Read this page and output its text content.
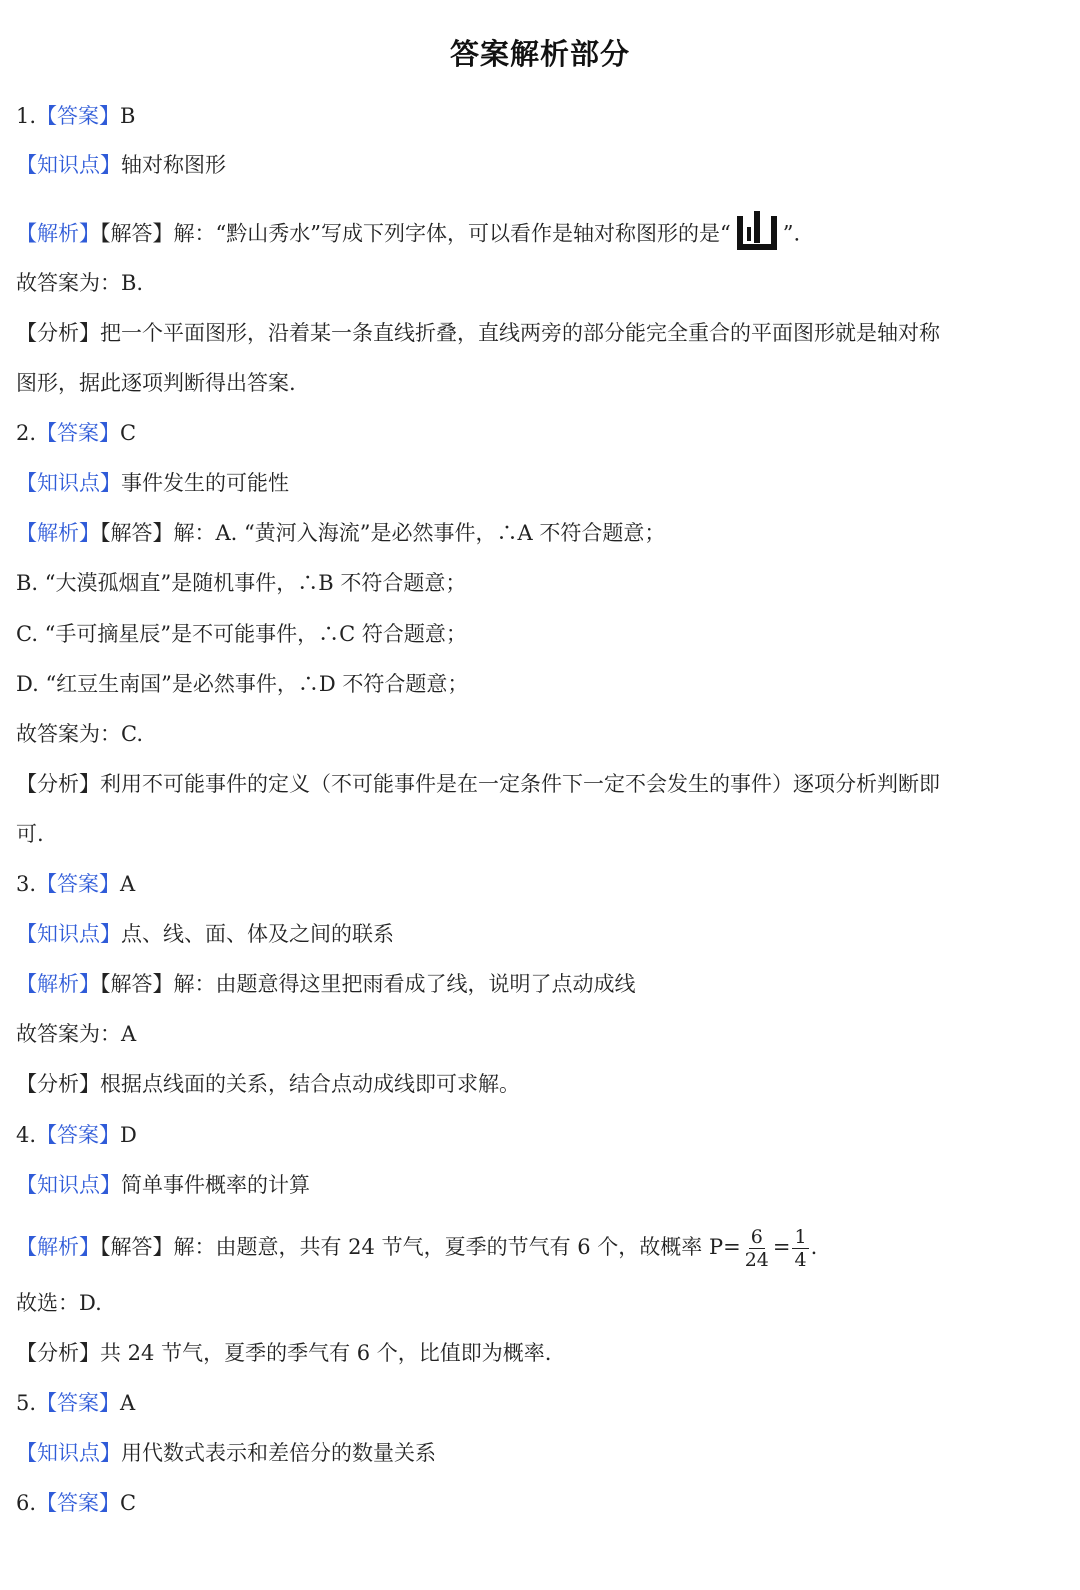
答案解析部分
1.【答案】B
【知识点】轴对称图形
【解析】【解答】解：“黔山秀水”写成下列字体，可以看作是轴对称图形的是“ ”.
故答案为：B.
【分析】把一个平面图形，沿着某一条直线折叠，直线两旁的部分能完全重合的平面图形就是轴对称
图形，据此逐项判断得出答案.
2.【答案】C
【知识点】事件发生的可能性
【解析】【解答】解：A. “黄河入海流”是必然事件，∴A 不符合题意；
B. “大漠孤烟直”是随机事件，∴B 不符合题意；
C. “手可摘星辰”是不可能事件，∴C 符合题意；
D. “红豆生南国”是必然事件，∴D 不符合题意；
故答案为：C.
【分析】利用不可能事件的定义（不可能事件是在一定条件下一定不会发生的事件）逐项分析判断即
可.
3.【答案】A
【知识点】点、线、面、体及之间的联系
【解析】【解答】解：由题意得这里把雨看成了线，说明了点动成线
故答案为：A
【分析】根据点线面的关系，结合点动成线即可求解。
4.【答案】D
【知识点】简单事件概率的计算
【解析】【解答】解：由题意，共有 24 节气，夏季的节气有 6 个，故概率 $P= \frac{6}{24} = \frac{1}{4}$ .
故选：D.
【分析】共 24 节气，夏季的季气有 6 个，比值即为概率.
5.【答案】A
【知识点】用代数式表示和差倍分的数量关系
6.【答案】C
